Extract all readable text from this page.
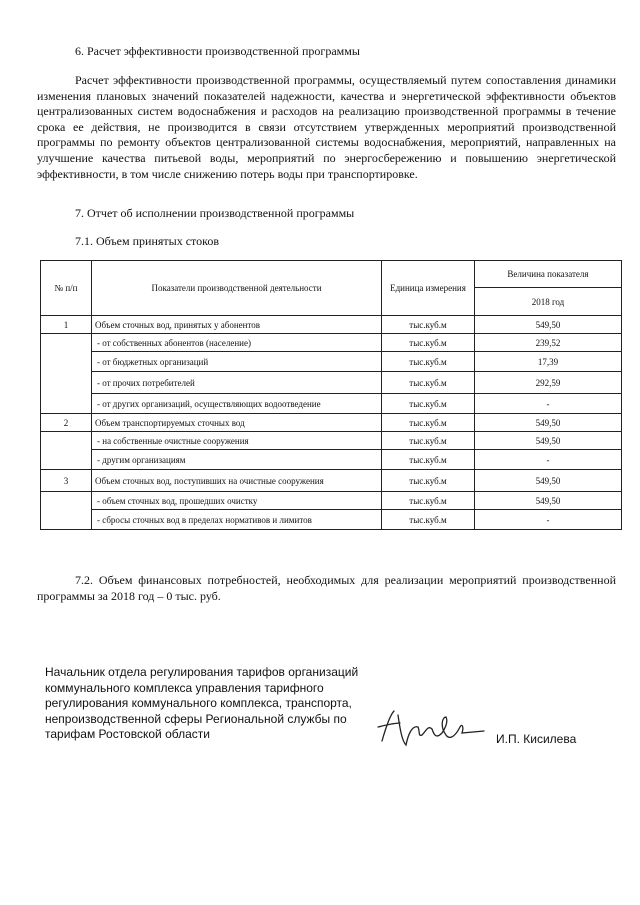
6. Расчет эффективности производственной программы

Расчет эффективности производственной программы, осуществляемый путем сопоставления динамики изменения плановых значений показателей надежности, качества и энергетической эффективности объектов централизованных систем водоснабжения и расходов на реализацию производственной программы в течение срока ее действия, не производится в связи отсутствием утвержденных мероприятий производственной программы по ремонту объектов централизованной системы водоснабжения, мероприятий, направленных на улучшение качества питьевой воды, мероприятий по энергосбережению и повышению энергетической эффективности, в том числе снижению потерь воды при транспортировке.

7. Отчет об исполнении производственной программы
7.1. Объем принятых стоков
№ п/п	Показатели производственной деятельности	Единица измерения	Величина показателя
			2018 год
1	Объем сточных вод, принятых у абонентов	тыс.куб.м	549,50
	- от собственных абонентов (население)	тыс.куб.м	239,52
	- от бюджетных организаций	тыс.куб.м	17,39
	- от прочих потребителей	тыс.куб.м	292,59
	- от других организаций, осуществляющих водоотведение	тыс.куб.м	-
2	Объем транспортируемых сточных вод	тыс.куб.м	549,50
	- на собственные очистные сооружения	тыс.куб.м	549,50
	- другим организациям	тыс.куб.м	-
3	Объем сточных вод, поступивших на очистные сооружения	тыс.куб.м	549,50
	- объем сточных вод, прошедших очистку	тыс.куб.м	549,50
	- сбросы сточных вод в пределах нормативов и лимитов	тыс.куб.м	-

7.2. Объем финансовых потребностей, необходимых для реализации мероприятий производственной программы за 2018 год – 0 тыс. руб.

Начальник отдела регулирования тарифов организаций
коммунального комплекса управления тарифного
регулирования коммунального комплекса, транспорта,
непроизводственной сферы Региональной службы по
тарифам Ростовской области	И.П. Кисилева
